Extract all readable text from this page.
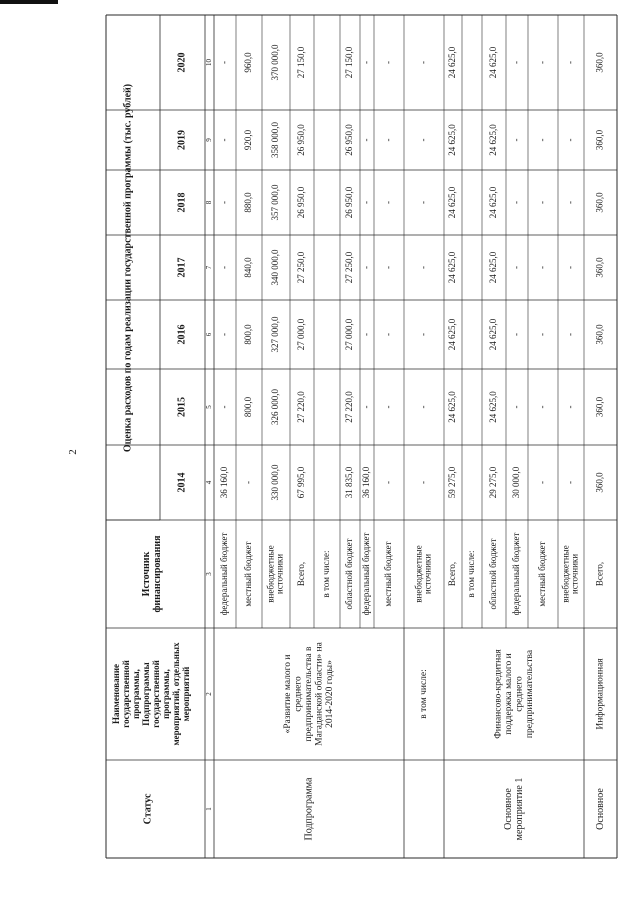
2
Статус
Наименование государственной программы, Подпрограммы государственной программы, мероприятий, отдельных мероприятий
Источник финансирования
Оценка расходов по годам реализации государственной программы (тыс. рублей)
2014
2015
2016
2017
2018
2019
2020
1
2
3
4
5
6
7
8
9
10
федеральный бюджет
36 160,0
-
-
-
-
-
-
местный бюджет
-
800,0
800,0
840,0
880,0
920,0
960,0
внебюджетные источники
330 000,0
326 000,0
327 000,0
340 000,0
357 000,0
358 000,0
370 000,0
Всего,
67 995,0
27 220,0
27 000,0
27 250,0
26 950,0
26 950,0
27 150,0
в том числе: областной бюджет
31 835,0
27 220,0
27 000,0
27 250,0
26 950,0
26 950,0
27 150,0
федеральный бюджет
36 160,0
-
-
-
-
-
-
местный бюджет
-
-
-
-
-
-
-
внебюджетные источники
-
-
-
-
-
-
-
Всего,
59 275,0
24 625,0
24 625,0
24 625,0
24 625,0
24 625,0
24 625,0
в том числе: областной бюджет
29 275,0
24 625,0
24 625,0
24 625,0
24 625,0
24 625,0
24 625,0
федеральный бюджет
30 000,0
-
-
-
-
-
-
местный бюджет
-
-
-
-
-
-
-
внебюджетные источники
-
-
-
-
-
-
-
Всего,
360,0
360,0
360,0
360,0
360,0
360,0
360,0
Подпрограмма
«Развитие малого и среднего предпринимательства в Магаданской области» на 2014-2020 годы»	в том числе:
Основное мероприятие 1
Финансово-кредитная поддержка малого и среднего предпринимательства
Основное
Информационная
